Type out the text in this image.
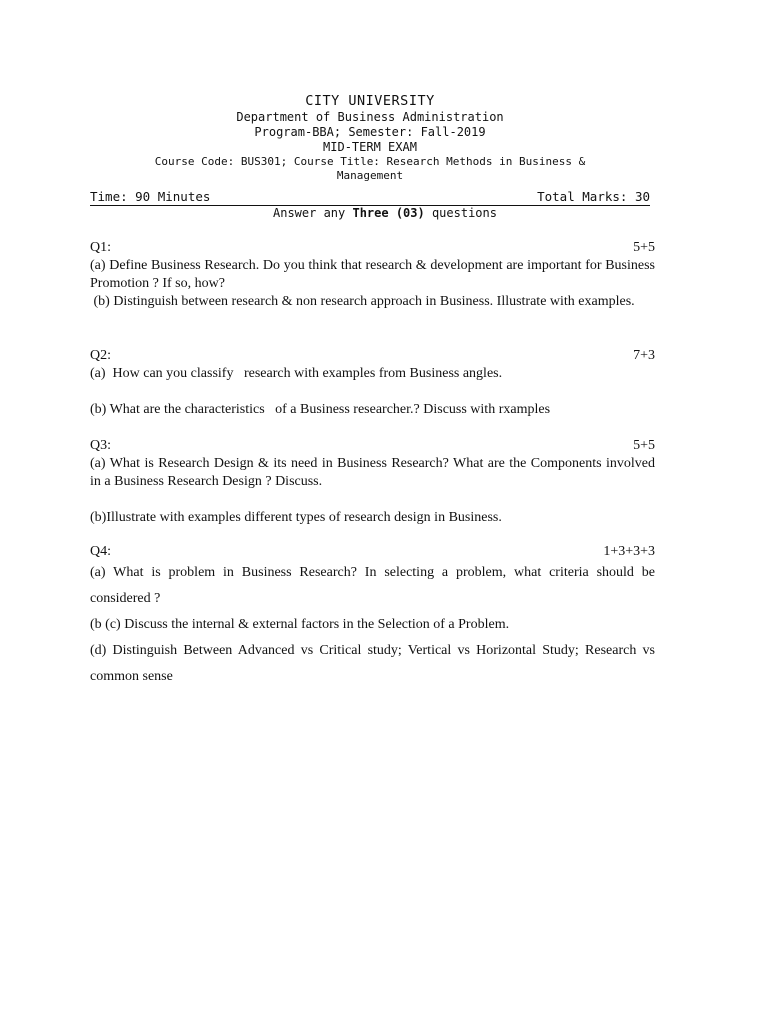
CITY UNIVERSITY
Department of Business Administration
Program-BBA; Semester: Fall-2019
MID-TERM EXAM
Course Code: BUS301; Course Title: Research Methods in Business &
Management
Time: 90 Minutes	Total Marks: 30
Answer any Three (03) questions
Q1:	5+5

(a) Define Business Research. Do you think that research & development are important for Business Promotion ? If so, how?

(b) Distinguish between research & non research approach in Business. Illustrate with examples.

Q2:	7+3

(a)  How can you classify   research with examples from Business angles.

(b) What are the characteristics   of a Business researcher.? Discuss with rxamples

Q3:	5+5

(a) What is Research Design & its need in Business Research? What are the Components involved in a Business Research Design ? Discuss.

(b)Illustrate with examples different types of research design in Business.

Q4:	1+3+3+3

(a) What is problem in Business Research? In selecting a problem, what criteria should be considered ?

(b (c) Discuss the internal & external factors in the Selection of a Problem.

(d) Distinguish Between Advanced vs Critical study; Vertical vs Horizontal Study; Research vs common sense
